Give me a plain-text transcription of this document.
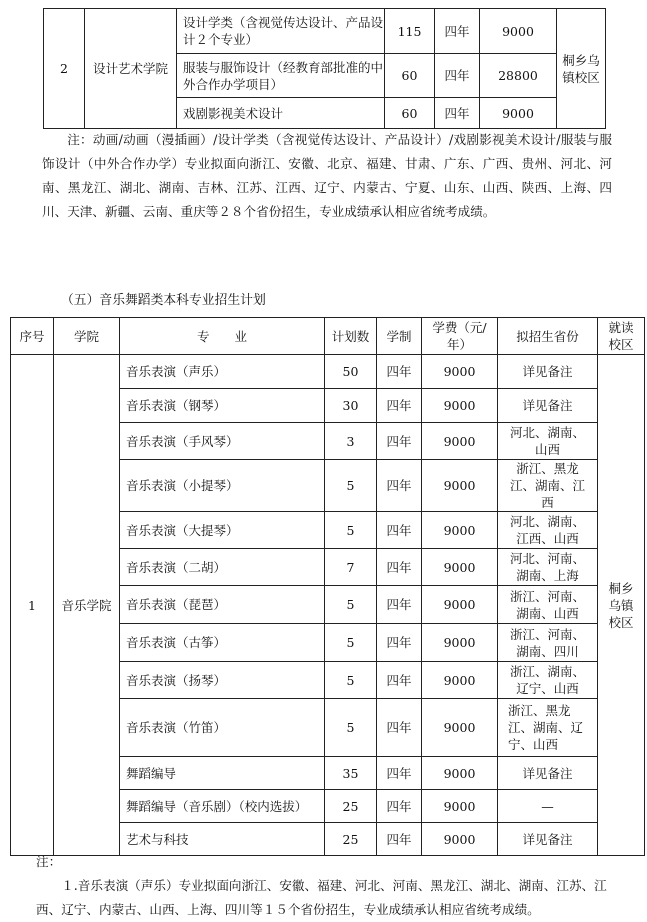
2	设计艺术学院	设计学类（含视觉传达设计、产品设计２个专业）	115	四年	9000	桐乡乌镇校区
		服装与服饰设计（经教育部批准的中外合作办学项目）	60	四年	28800	
		戏剧影视美术设计	60	四年	9000	

注：动画/动画（漫插画）/设计学类（含视觉传达设计、产品设计）/戏剧影视美术设计/服装与服饰设计（中外合作办学）专业拟面向浙江、安徽、北京、福建、甘肃、广东、广西、贵州、河北、河南、黑龙江、湖北、湖南、吉林、江苏、江西、辽宁、内蒙古、宁夏、山东、山西、陕西、上海、四川、天津、新疆、云南、重庆等２８个省份招生，专业成绩承认相应省统考成绩。

（五）音乐舞蹈类本科专业招生计划
序号	学院	专　　业	计划数	学制	学费（元/年）	拟招生省份	就读校区
1	音乐学院	音乐表演（声乐）	50	四年	9000	详见备注	桐乡乌镇校区
		音乐表演（钢琴）	30	四年	9000	详见备注	
		音乐表演（手风琴）	3	四年	9000	河北、湖南、山西	
		音乐表演（小提琴）	5	四年	9000	浙江、黑龙江、湖南、江西	
		音乐表演（大提琴）	5	四年	9000	河北、湖南、江西、山西	
		音乐表演（二胡）	7	四年	9000	河北、河南、湖南、上海	
		音乐表演（琵琶）	5	四年	9000	浙江、河南、湖南、山西	
		音乐表演（古筝）	5	四年	9000	浙江、河南、湖南、四川	
		音乐表演（扬琴）	5	四年	9000	浙江、湖南、辽宁、山西	
		音乐表演（竹笛）	5	四年	9000	浙江、黑龙江、湖南、辽宁、山西	
		舞蹈编导	35	四年	9000	详见备注	
		舞蹈编导（音乐剧）（校内选拔）	25	四年	9000	—	
		艺术与科技	25	四年	9000	详见备注	

注：

１.音乐表演（声乐）专业拟面向浙江、安徽、福建、河北、河南、黑龙江、湖北、湖南、江苏、江西、辽宁、内蒙古、山西、上海、四川等１５个省份招生，专业成绩承认相应省统考成绩。
